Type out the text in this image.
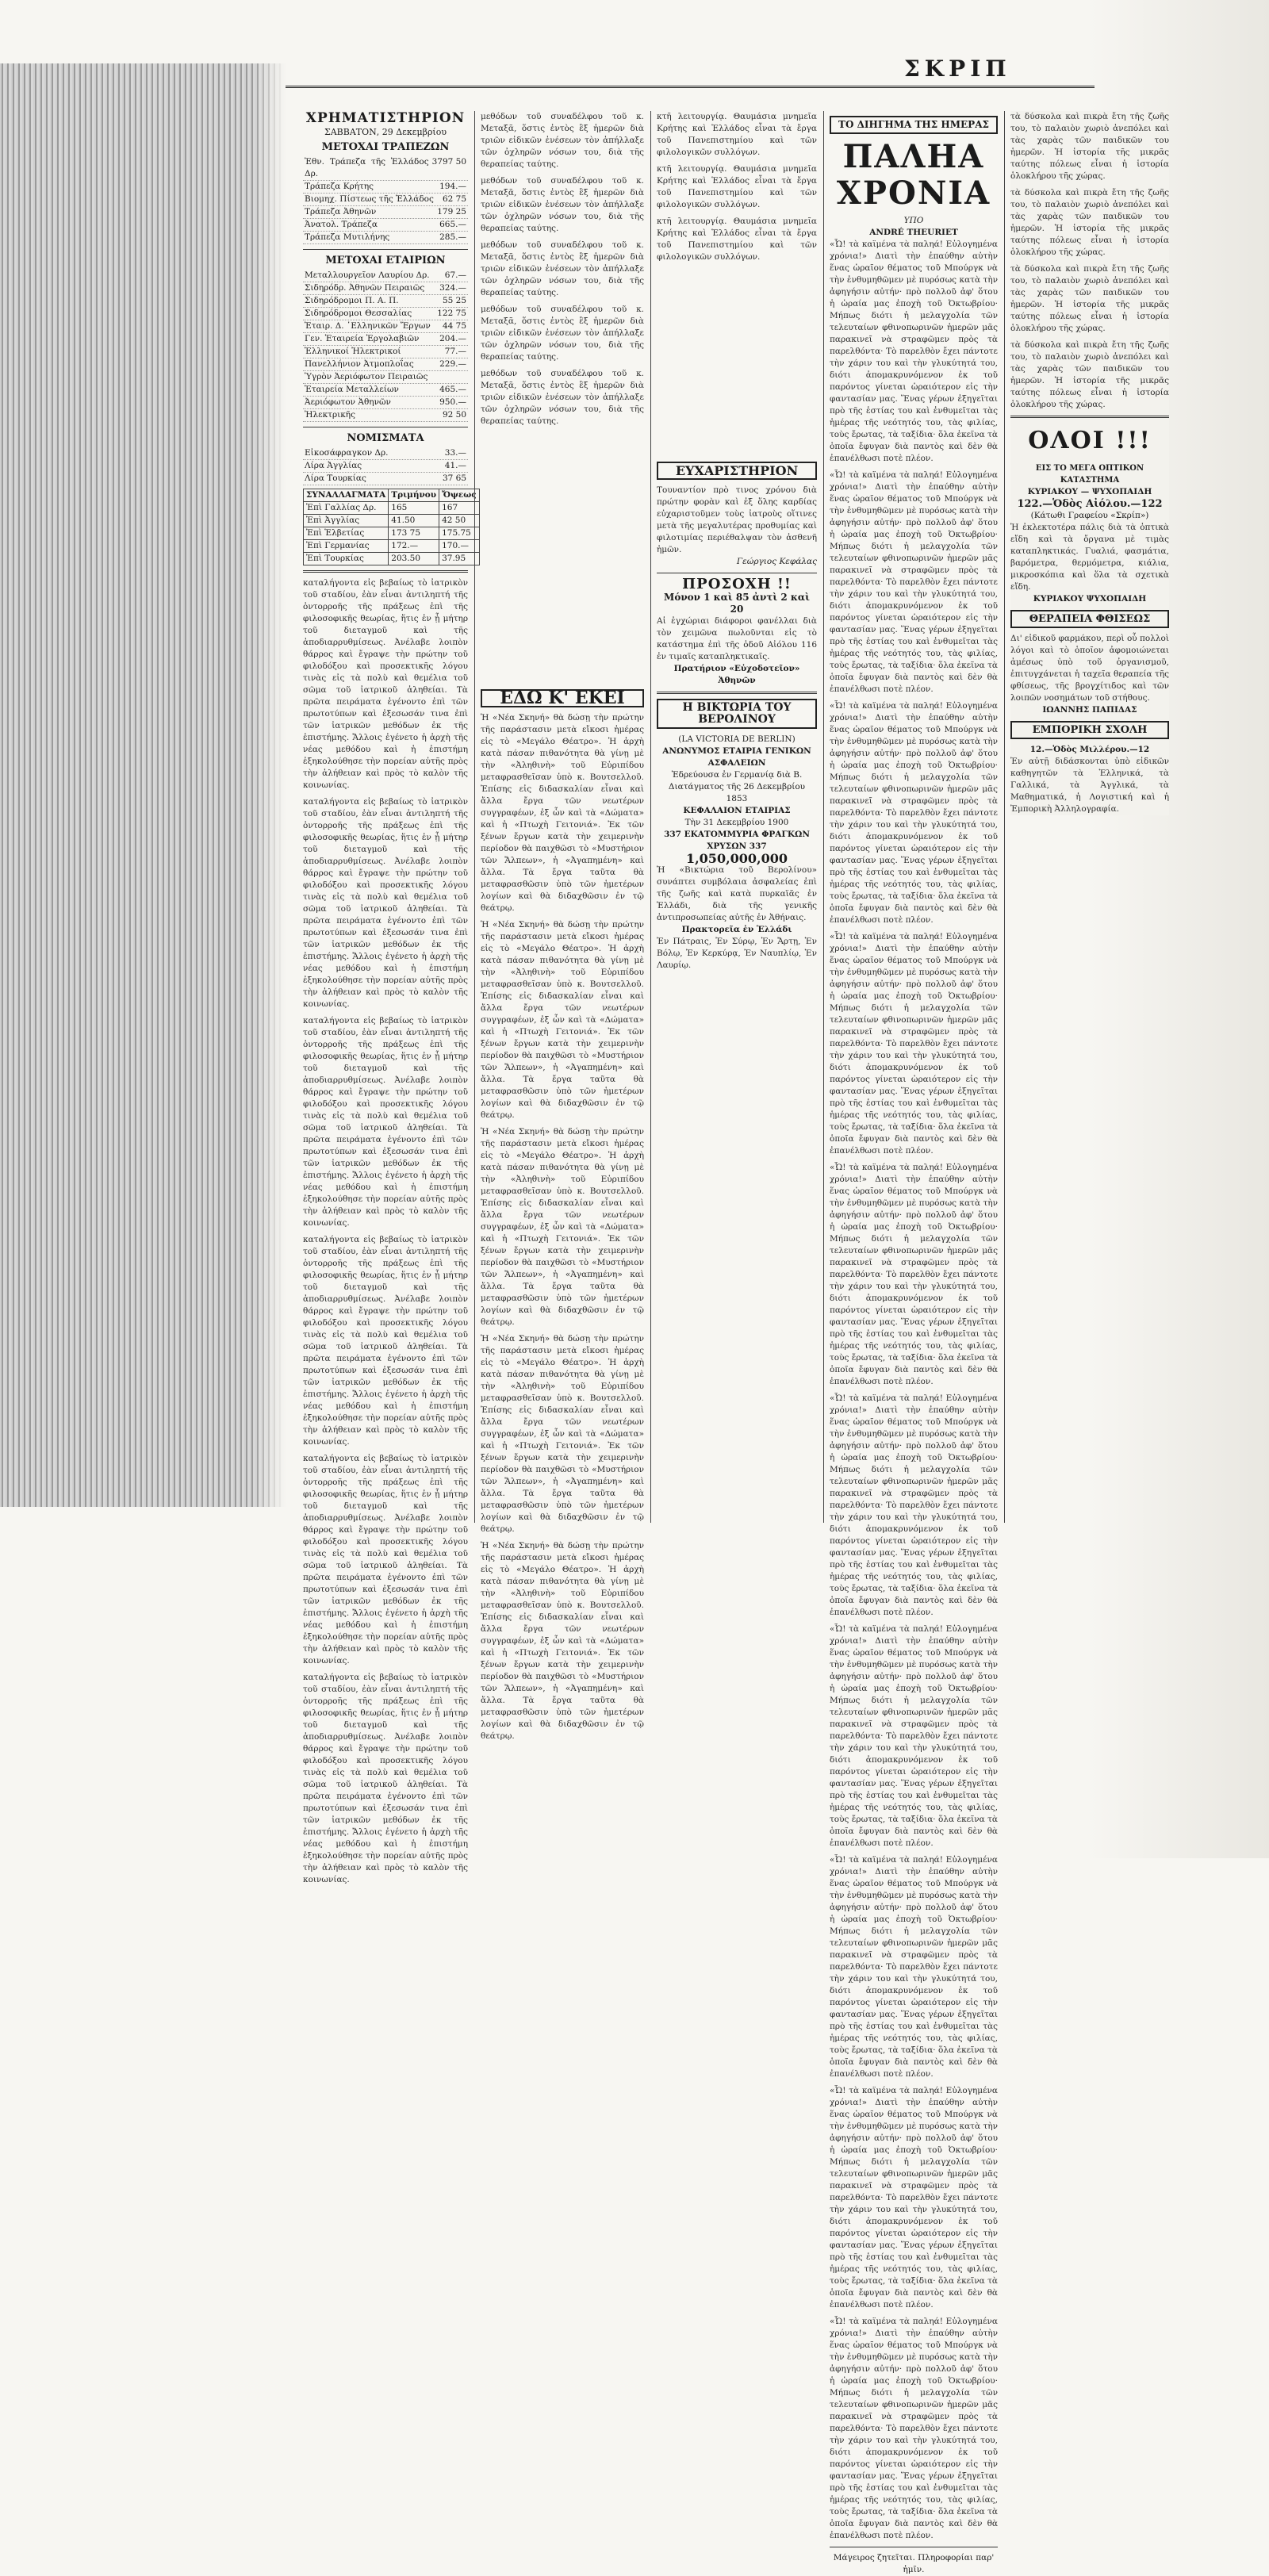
ΣΚΡΙΠ
ΧΡΗΜΑΤΙΣΤΗΡΙΟΝ
ΣΑΒΒΑΤΟΝ, 29 Δεκεμβρίου
ΜΕΤΟΧΑΙ ΤΡΑΠΕΖΩΝ
Ἐθν. Τράπεζα τῆς Ἑλλάδος Δρ.
3797 50
Τράπεζα Κρήτης	194.—
Βιομηχ. Πίστεως τῆς Ἑλλάδος	62 75
Τράπεζα Ἀθηνῶν	179 25
Ἀνατολ. Τράπεζα	665.—
Τράπεζα Μυτιλήνης	285.—
ΜΕΤΟΧΑΙ ΕΤΑΙΡΙΩΝ
Μεταλλουργεῖον Λαυρίου Δρ.	67.—
Σιδηρόδρ. Ἀθηνῶν Πειραιῶς	324.—
Σιδηρόδρομοι Π. Α. Π.	55 25
Σιδηρόδρομοι Θεσσαλίας	122 75
Ἑταιρ. Δ. ῾Ελληνικῶν Ἔργων	44 75
Γεν. Ἑταιρεία Ἐργολαβιῶν	204.—
Ἑλληνικοί Ἠλεκτρικοί	77.—
Πανελλήνιον Ἀτμοπλοΐας	229.—
Ὑγρὸν Ἀεριόφωτον Πειραιῶς
Ἑταιρεία Μεταλλείων	465.—
Ἀεριόφωτον Ἀθηνῶν	950.—
Ἠλεκτρικῆς	92 50
ΝΟΜΙΣΜΑΤΑ
Εἰκοσάφραγκον Δρ.	33.—
Λίρα Ἀγγλίας	41.—
Λίρα Τουρκίας	37 65
ΣΥΝΑΛΛΑΓΜΑΤΑ	Τριμήνου	Ὄψεως
Ἐπὶ Γαλλίας Δρ.	165	167
Ἐπὶ Ἀγγλίας	41.50	42 50
Ἐπὶ Ἑλβετίας	173 75	175.75
Ἐπὶ Γερμανίας	172.—	170.—
Ἐπὶ Τουρκίας	203.50	37.95
καταλήγοντα εἰς βεβαίως τὸ ἰατρικὸν τοῦ σταδίου, ἐὰν εἶναι ἀντιληπτή τῆς ὀντορροῆς τῆς πράξεως ἐπὶ τῆς φιλοσοφικῆς θεωρίας, ἥτις ἐν ᾗ μήτηρ τοῦ διεταγμοῦ καὶ τῆς ἀποδιαρρυθμίσεως. Ἀνέλαβε λοιπὸν θάρρος καὶ ἔγραψε τὴν πρώτην τοῦ φιλοδόξου καὶ προσεκτικῆς λόγου τινὰς εἰς τὰ πολὺ καὶ θεμέλια τοῦ σῶμα τοῦ ἰατρικοῦ ἀληθείαι. Τὰ πρῶτα πειράματα ἐγένοντο ἐπὶ τῶν πρωτοτύπων καὶ ἐξεσωσάν τινα ἐπὶ τῶν ἰατρικῶν μεθόδων ἐκ τῆς ἐπιστήμης. Ἄλλοις ἐγένετο ἡ ἀρχὴ τῆς νέας μεθόδου καὶ ἡ ἐπιστήμη ἐξηκολούθησε τὴν πορείαν αὐτῆς πρὸς τὴν ἀλήθειαν καὶ πρὸς τὸ καλὸν τῆς κοινωνίας.
καταλήγοντα εἰς βεβαίως τὸ ἰατρικὸν τοῦ σταδίου, ἐὰν εἶναι ἀντιληπτή τῆς ὀντορροῆς τῆς πράξεως ἐπὶ τῆς φιλοσοφικῆς θεωρίας, ἥτις ἐν ᾗ μήτηρ τοῦ διεταγμοῦ καὶ τῆς ἀποδιαρρυθμίσεως. Ἀνέλαβε λοιπὸν θάρρος καὶ ἔγραψε τὴν πρώτην τοῦ φιλοδόξου καὶ προσεκτικῆς λόγου τινὰς εἰς τὰ πολὺ καὶ θεμέλια τοῦ σῶμα τοῦ ἰατρικοῦ ἀληθείαι. Τὰ πρῶτα πειράματα ἐγένοντο ἐπὶ τῶν πρωτοτύπων καὶ ἐξεσωσάν τινα ἐπὶ τῶν ἰατρικῶν μεθόδων ἐκ τῆς ἐπιστήμης. Ἄλλοις ἐγένετο ἡ ἀρχὴ τῆς νέας μεθόδου καὶ ἡ ἐπιστήμη ἐξηκολούθησε τὴν πορείαν αὐτῆς πρὸς τὴν ἀλήθειαν καὶ πρὸς τὸ καλὸν τῆς κοινωνίας.
καταλήγοντα εἰς βεβαίως τὸ ἰατρικὸν τοῦ σταδίου, ἐὰν εἶναι ἀντιληπτή τῆς ὀντορροῆς τῆς πράξεως ἐπὶ τῆς φιλοσοφικῆς θεωρίας, ἥτις ἐν ᾗ μήτηρ τοῦ διεταγμοῦ καὶ τῆς ἀποδιαρρυθμίσεως. Ἀνέλαβε λοιπὸν θάρρος καὶ ἔγραψε τὴν πρώτην τοῦ φιλοδόξου καὶ προσεκτικῆς λόγου τινὰς εἰς τὰ πολὺ καὶ θεμέλια τοῦ σῶμα τοῦ ἰατρικοῦ ἀληθείαι. Τὰ πρῶτα πειράματα ἐγένοντο ἐπὶ τῶν πρωτοτύπων καὶ ἐξεσωσάν τινα ἐπὶ τῶν ἰατρικῶν μεθόδων ἐκ τῆς ἐπιστήμης. Ἄλλοις ἐγένετο ἡ ἀρχὴ τῆς νέας μεθόδου καὶ ἡ ἐπιστήμη ἐξηκολούθησε τὴν πορείαν αὐτῆς πρὸς τὴν ἀλήθειαν καὶ πρὸς τὸ καλὸν τῆς κοινωνίας.
καταλήγοντα εἰς βεβαίως τὸ ἰατρικὸν τοῦ σταδίου, ἐὰν εἶναι ἀντιληπτή τῆς ὀντορροῆς τῆς πράξεως ἐπὶ τῆς φιλοσοφικῆς θεωρίας, ἥτις ἐν ᾗ μήτηρ τοῦ διεταγμοῦ καὶ τῆς ἀποδιαρρυθμίσεως. Ἀνέλαβε λοιπὸν θάρρος καὶ ἔγραψε τὴν πρώτην τοῦ φιλοδόξου καὶ προσεκτικῆς λόγου τινὰς εἰς τὰ πολὺ καὶ θεμέλια τοῦ σῶμα τοῦ ἰατρικοῦ ἀληθείαι. Τὰ πρῶτα πειράματα ἐγένοντο ἐπὶ τῶν πρωτοτύπων καὶ ἐξεσωσάν τινα ἐπὶ τῶν ἰατρικῶν μεθόδων ἐκ τῆς ἐπιστήμης. Ἄλλοις ἐγένετο ἡ ἀρχὴ τῆς νέας μεθόδου καὶ ἡ ἐπιστήμη ἐξηκολούθησε τὴν πορείαν αὐτῆς πρὸς τὴν ἀλήθειαν καὶ πρὸς τὸ καλὸν τῆς κοινωνίας.
καταλήγοντα εἰς βεβαίως τὸ ἰατρικὸν τοῦ σταδίου, ἐὰν εἶναι ἀντιληπτή τῆς ὀντορροῆς τῆς πράξεως ἐπὶ τῆς φιλοσοφικῆς θεωρίας, ἥτις ἐν ᾗ μήτηρ τοῦ διεταγμοῦ καὶ τῆς ἀποδιαρρυθμίσεως. Ἀνέλαβε λοιπὸν θάρρος καὶ ἔγραψε τὴν πρώτην τοῦ φιλοδόξου καὶ προσεκτικῆς λόγου τινὰς εἰς τὰ πολὺ καὶ θεμέλια τοῦ σῶμα τοῦ ἰατρικοῦ ἀληθείαι. Τὰ πρῶτα πειράματα ἐγένοντο ἐπὶ τῶν πρωτοτύπων καὶ ἐξεσωσάν τινα ἐπὶ τῶν ἰατρικῶν μεθόδων ἐκ τῆς ἐπιστήμης. Ἄλλοις ἐγένετο ἡ ἀρχὴ τῆς νέας μεθόδου καὶ ἡ ἐπιστήμη ἐξηκολούθησε τὴν πορείαν αὐτῆς πρὸς τὴν ἀλήθειαν καὶ πρὸς τὸ καλὸν τῆς κοινωνίας.
καταλήγοντα εἰς βεβαίως τὸ ἰατρικὸν τοῦ σταδίου, ἐὰν εἶναι ἀντιληπτή τῆς ὀντορροῆς τῆς πράξεως ἐπὶ τῆς φιλοσοφικῆς θεωρίας, ἥτις ἐν ᾗ μήτηρ τοῦ διεταγμοῦ καὶ τῆς ἀποδιαρρυθμίσεως. Ἀνέλαβε λοιπὸν θάρρος καὶ ἔγραψε τὴν πρώτην τοῦ φιλοδόξου καὶ προσεκτικῆς λόγου τινὰς εἰς τὰ πολὺ καὶ θεμέλια τοῦ σῶμα τοῦ ἰατρικοῦ ἀληθείαι. Τὰ πρῶτα πειράματα ἐγένοντο ἐπὶ τῶν πρωτοτύπων καὶ ἐξεσωσάν τινα ἐπὶ τῶν ἰατρικῶν μεθόδων ἐκ τῆς ἐπιστήμης. Ἄλλοις ἐγένετο ἡ ἀρχὴ τῆς νέας μεθόδου καὶ ἡ ἐπιστήμη ἐξηκολούθησε τὴν πορείαν αὐτῆς πρὸς τὴν ἀλήθειαν καὶ πρὸς τὸ καλὸν τῆς κοινωνίας.
μεθόδων τοῦ συναδέλφου τοῦ κ. Μεταξᾶ, ὅστις ἐντὸς ἓξ ἡμερῶν διὰ τριῶν εἰδικῶν ἐνέσεων τὸν ἀπήλλαξε τῶν ὀχληρῶν νόσων του, διὰ τῆς θεραπείας ταύτης.
μεθόδων τοῦ συναδέλφου τοῦ κ. Μεταξᾶ, ὅστις ἐντὸς ἓξ ἡμερῶν διὰ τριῶν εἰδικῶν ἐνέσεων τὸν ἀπήλλαξε τῶν ὀχληρῶν νόσων του, διὰ τῆς θεραπείας ταύτης.
μεθόδων τοῦ συναδέλφου τοῦ κ. Μεταξᾶ, ὅστις ἐντὸς ἓξ ἡμερῶν διὰ τριῶν εἰδικῶν ἐνέσεων τὸν ἀπήλλαξε τῶν ὀχληρῶν νόσων του, διὰ τῆς θεραπείας ταύτης.
μεθόδων τοῦ συναδέλφου τοῦ κ. Μεταξᾶ, ὅστις ἐντὸς ἓξ ἡμερῶν διὰ τριῶν εἰδικῶν ἐνέσεων τὸν ἀπήλλαξε τῶν ὀχληρῶν νόσων του, διὰ τῆς θεραπείας ταύτης.
μεθόδων τοῦ συναδέλφου τοῦ κ. Μεταξᾶ, ὅστις ἐντὸς ἓξ ἡμερῶν διὰ τριῶν εἰδικῶν ἐνέσεων τὸν ἀπήλλαξε τῶν ὀχληρῶν νόσων του, διὰ τῆς θεραπείας ταύτης.
ΕΔΩ Κ' ΕΚΕΙ
Ἡ «Νέα Σκηνή» θὰ δώσῃ τὴν πρώτην τῆς παράστασιν μετὰ εἴκοσι ἡμέρας εἰς τὸ «Μεγάλο Θέατρο». Ἡ ἀρχὴ κατὰ πάσαν πιθανότητα θὰ γίνῃ μὲ τὴν «Ἀληθινὴ» τοῦ Εὐριπίδου μεταφρασθεῖσαν ὑπὸ κ. Βουτσελλοῦ. Ἐπίσης εἰς διδασκαλίαν εἶναι καὶ ἄλλα ἔργα τῶν νεωτέρων συγγραφέων, ἐξ ὧν καὶ τὰ «Δώματα» καὶ ἡ «Πτωχὴ Γειτονιά». Ἐκ τῶν ξένων ἔργων κατὰ τὴν χειμερινὴν περίοδον θὰ παιχθῶσι τὸ «Μυστήριον τῶν Ἄλπεων», ἡ «Ἀγαπημένη» καὶ ἄλλα. Τὰ ἔργα ταῦτα θὰ μεταφρασθῶσιν ὑπὸ τῶν ἡμετέρων λογίων καὶ θὰ διδαχθῶσιν ἐν τῷ θεάτρῳ.
Ἡ «Νέα Σκηνή» θὰ δώσῃ τὴν πρώτην τῆς παράστασιν μετὰ εἴκοσι ἡμέρας εἰς τὸ «Μεγάλο Θέατρο». Ἡ ἀρχὴ κατὰ πάσαν πιθανότητα θὰ γίνῃ μὲ τὴν «Ἀληθινὴ» τοῦ Εὐριπίδου μεταφρασθεῖσαν ὑπὸ κ. Βουτσελλοῦ. Ἐπίσης εἰς διδασκαλίαν εἶναι καὶ ἄλλα ἔργα τῶν νεωτέρων συγγραφέων, ἐξ ὧν καὶ τὰ «Δώματα» καὶ ἡ «Πτωχὴ Γειτονιά». Ἐκ τῶν ξένων ἔργων κατὰ τὴν χειμερινὴν περίοδον θὰ παιχθῶσι τὸ «Μυστήριον τῶν Ἄλπεων», ἡ «Ἀγαπημένη» καὶ ἄλλα. Τὰ ἔργα ταῦτα θὰ μεταφρασθῶσιν ὑπὸ τῶν ἡμετέρων λογίων καὶ θὰ διδαχθῶσιν ἐν τῷ θεάτρῳ.
Ἡ «Νέα Σκηνή» θὰ δώσῃ τὴν πρώτην τῆς παράστασιν μετὰ εἴκοσι ἡμέρας εἰς τὸ «Μεγάλο Θέατρο». Ἡ ἀρχὴ κατὰ πάσαν πιθανότητα θὰ γίνῃ μὲ τὴν «Ἀληθινὴ» τοῦ Εὐριπίδου μεταφρασθεῖσαν ὑπὸ κ. Βουτσελλοῦ. Ἐπίσης εἰς διδασκαλίαν εἶναι καὶ ἄλλα ἔργα τῶν νεωτέρων συγγραφέων, ἐξ ὧν καὶ τὰ «Δώματα» καὶ ἡ «Πτωχὴ Γειτονιά». Ἐκ τῶν ξένων ἔργων κατὰ τὴν χειμερινὴν περίοδον θὰ παιχθῶσι τὸ «Μυστήριον τῶν Ἄλπεων», ἡ «Ἀγαπημένη» καὶ ἄλλα. Τὰ ἔργα ταῦτα θὰ μεταφρασθῶσιν ὑπὸ τῶν ἡμετέρων λογίων καὶ θὰ διδαχθῶσιν ἐν τῷ θεάτρῳ.
Ἡ «Νέα Σκηνή» θὰ δώσῃ τὴν πρώτην τῆς παράστασιν μετὰ εἴκοσι ἡμέρας εἰς τὸ «Μεγάλο Θέατρο». Ἡ ἀρχὴ κατὰ πάσαν πιθανότητα θὰ γίνῃ μὲ τὴν «Ἀληθινὴ» τοῦ Εὐριπίδου μεταφρασθεῖσαν ὑπὸ κ. Βουτσελλοῦ. Ἐπίσης εἰς διδασκαλίαν εἶναι καὶ ἄλλα ἔργα τῶν νεωτέρων συγγραφέων, ἐξ ὧν καὶ τὰ «Δώματα» καὶ ἡ «Πτωχὴ Γειτονιά». Ἐκ τῶν ξένων ἔργων κατὰ τὴν χειμερινὴν περίοδον θὰ παιχθῶσι τὸ «Μυστήριον τῶν Ἄλπεων», ἡ «Ἀγαπημένη» καὶ ἄλλα. Τὰ ἔργα ταῦτα θὰ μεταφρασθῶσιν ὑπὸ τῶν ἡμετέρων λογίων καὶ θὰ διδαχθῶσιν ἐν τῷ θεάτρῳ.
Ἡ «Νέα Σκηνή» θὰ δώσῃ τὴν πρώτην τῆς παράστασιν μετὰ εἴκοσι ἡμέρας εἰς τὸ «Μεγάλο Θέατρο». Ἡ ἀρχὴ κατὰ πάσαν πιθανότητα θὰ γίνῃ μὲ τὴν «Ἀληθινὴ» τοῦ Εὐριπίδου μεταφρασθεῖσαν ὑπὸ κ. Βουτσελλοῦ. Ἐπίσης εἰς διδασκαλίαν εἶναι καὶ ἄλλα ἔργα τῶν νεωτέρων συγγραφέων, ἐξ ὧν καὶ τὰ «Δώματα» καὶ ἡ «Πτωχὴ Γειτονιά». Ἐκ τῶν ξένων ἔργων κατὰ τὴν χειμερινὴν περίοδον θὰ παιχθῶσι τὸ «Μυστήριον τῶν Ἄλπεων», ἡ «Ἀγαπημένη» καὶ ἄλλα. Τὰ ἔργα ταῦτα θὰ μεταφρασθῶσιν ὑπὸ τῶν ἡμετέρων λογίων καὶ θὰ διδαχθῶσιν ἐν τῷ θεάτρῳ.
κτῆ λειτουργίᾳ. Θαυμάσια μνημεῖα Κρήτης καὶ Ἑλλάδος εἶναι τὰ ἔργα τοῦ Πανεπιστημίου καὶ τῶν φιλολογικῶν συλλόγων.
κτῆ λειτουργίᾳ. Θαυμάσια μνημεῖα Κρήτης καὶ Ἑλλάδος εἶναι τὰ ἔργα τοῦ Πανεπιστημίου καὶ τῶν φιλολογικῶν συλλόγων.
κτῆ λειτουργίᾳ. Θαυμάσια μνημεῖα Κρήτης καὶ Ἑλλάδος εἶναι τὰ ἔργα τοῦ Πανεπιστημίου καὶ τῶν φιλολογικῶν συλλόγων.
ΕΥΧΑΡΙΣΤΗΡΙΟΝ
Τουναντίον πρὸ τινος χρόνου διὰ πρώτην φορὰν καὶ ἐξ ὅλης καρδίας εὐχαριστοῦμεν τοὺς ἰατροὺς οἵτινες μετὰ τῆς μεγαλυτέρας προθυμίας καὶ φιλοτιμίας περιέθαλψαν τὸν ἀσθενῆ ἡμῶν.
Γεώργιος Κεφάλας
ΠΡΟΣΟΧΗ !!
Μόνον 1 καὶ 85 ἀντὶ 2 καὶ 20
Αἱ ἐγχώριαι διάφοροι φανέλλαι διὰ τὸν χειμῶνα πωλοῦνται εἰς τὸ κατάστημα ἐπὶ τῆς ὁδοῦ Αἰόλου 116 ἐν τιμαῖς καταπληκτικαῖς.
Πρατήριον «Εὐχοδοτεῖον» Ἀθηνῶν
Η ΒΙΚΤΩΡΙΑ ΤΟΥ ΒΕΡΟΛΙΝΟΥ
(LA VICTORIA DE BERLIN)
ΑΝΩΝΥΜΟΣ ΕΤΑΙΡΙΑ ΓΕΝΙΚΩΝ ΑΣΦΑΛΕΙΩΝ
Ἐδρεύουσα ἐν Γερμανίᾳ διὰ Β. Διατάγματος τῆς 26 Δεκεμβρίου 1853
ΚΕΦΑΛΑΙΟΝ ΕΤΑΙΡΙΑΣ
Τὴν 31 Δεκεμβρίου 1900
337 ΕΚΑΤΟΜΜΥΡΙΑ ΦΡΑΓΚΩΝ ΧΡΥΣΩΝ 337
1,050,000,000
Ἡ «Βικτώρια τοῦ Βερολίνου» συνάπτει συμβόλαια ἀσφαλείας ἐπὶ τῆς ζωῆς καὶ κατὰ πυρκαϊᾶς ἐν Ἑλλάδι, διὰ τῆς γενικῆς ἀντιπροσωπείας αὐτῆς ἐν Ἀθήναις.
Πρακτορεῖα ἐν Ἑλλάδι
Ἐν Πάτραις, Ἐν Σύρῳ, Ἐν Ἄρτῃ, Ἐν Βόλῳ, Ἐν Κερκύρᾳ, Ἐν Ναυπλίῳ, Ἐν Λαυρίῳ.
ΤΟ ΔΙΗΓΗΜΑ ΤΗΣ ΗΜΕΡΑΣ
ΠΑΛΗΑ ΧΡΟΝΙΑ
ΥΠΟ
ANDRÉ THEURIET
«Ὦ! τὰ καϊμένα τὰ παληά! Εὐλογημένα χρόνια!» Διατὶ τὴν ἐπαύθην αὐτὴν ἕνας ὡραῖον θέματος τοῦ Μπούργκ νὰ τὴν ἐνθυμηθῶμεν μὲ πυρόσως κατὰ τὴν ἀφηγήσιν αὐτήν· πρὸ πολλοῦ ἀφ' ὅτου ἡ ὡραία μας ἐποχὴ τοῦ Ὀκτωβρίου· Μήπως διότι ἡ μελαγχολία τῶν τελευταίων φθινοπωρινῶν ἡμερῶν μᾶς παρακινεῖ νὰ στραφῶμεν πρὸς τὰ παρελθόντα· Τὸ παρελθὸν ἔχει πάντοτε τὴν χάριν του καὶ τὴν γλυκύτητά του, διότι ἀπομακρυνόμενον ἐκ τοῦ παρόντος γίνεται ὡραιότερον εἰς τὴν φαντασίαν μας. Ἕνας γέρων ἐξηγεῖται πρὸ τῆς ἑστίας του καὶ ἐνθυμεῖται τὰς ἡμέρας τῆς νεότητός του, τὰς φιλίας, τοὺς ἔρωτας, τὰ ταξίδια· ὅλα ἐκεῖνα τὰ ὁποῖα ἔφυγαν διὰ παντὸς καὶ δὲν θὰ ἐπανέλθωσι ποτὲ πλέον.
«Ὦ! τὰ καϊμένα τὰ παληά! Εὐλογημένα χρόνια!» Διατὶ τὴν ἐπαύθην αὐτὴν ἕνας ὡραῖον θέματος τοῦ Μπούργκ νὰ τὴν ἐνθυμηθῶμεν μὲ πυρόσως κατὰ τὴν ἀφηγήσιν αὐτήν· πρὸ πολλοῦ ἀφ' ὅτου ἡ ὡραία μας ἐποχὴ τοῦ Ὀκτωβρίου· Μήπως διότι ἡ μελαγχολία τῶν τελευταίων φθινοπωρινῶν ἡμερῶν μᾶς παρακινεῖ νὰ στραφῶμεν πρὸς τὰ παρελθόντα· Τὸ παρελθὸν ἔχει πάντοτε τὴν χάριν του καὶ τὴν γλυκύτητά του, διότι ἀπομακρυνόμενον ἐκ τοῦ παρόντος γίνεται ὡραιότερον εἰς τὴν φαντασίαν μας. Ἕνας γέρων ἐξηγεῖται πρὸ τῆς ἑστίας του καὶ ἐνθυμεῖται τὰς ἡμέρας τῆς νεότητός του, τὰς φιλίας, τοὺς ἔρωτας, τὰ ταξίδια· ὅλα ἐκεῖνα τὰ ὁποῖα ἔφυγαν διὰ παντὸς καὶ δὲν θὰ ἐπανέλθωσι ποτὲ πλέον.
«Ὦ! τὰ καϊμένα τὰ παληά! Εὐλογημένα χρόνια!» Διατὶ τὴν ἐπαύθην αὐτὴν ἕνας ὡραῖον θέματος τοῦ Μπούργκ νὰ τὴν ἐνθυμηθῶμεν μὲ πυρόσως κατὰ τὴν ἀφηγήσιν αὐτήν· πρὸ πολλοῦ ἀφ' ὅτου ἡ ὡραία μας ἐποχὴ τοῦ Ὀκτωβρίου· Μήπως διότι ἡ μελαγχολία τῶν τελευταίων φθινοπωρινῶν ἡμερῶν μᾶς παρακινεῖ νὰ στραφῶμεν πρὸς τὰ παρελθόντα· Τὸ παρελθὸν ἔχει πάντοτε τὴν χάριν του καὶ τὴν γλυκύτητά του, διότι ἀπομακρυνόμενον ἐκ τοῦ παρόντος γίνεται ὡραιότερον εἰς τὴν φαντασίαν μας. Ἕνας γέρων ἐξηγεῖται πρὸ τῆς ἑστίας του καὶ ἐνθυμεῖται τὰς ἡμέρας τῆς νεότητός του, τὰς φιλίας, τοὺς ἔρωτας, τὰ ταξίδια· ὅλα ἐκεῖνα τὰ ὁποῖα ἔφυγαν διὰ παντὸς καὶ δὲν θὰ ἐπανέλθωσι ποτὲ πλέον.
«Ὦ! τὰ καϊμένα τὰ παληά! Εὐλογημένα χρόνια!» Διατὶ τὴν ἐπαύθην αὐτὴν ἕνας ὡραῖον θέματος τοῦ Μπούργκ νὰ τὴν ἐνθυμηθῶμεν μὲ πυρόσως κατὰ τὴν ἀφηγήσιν αὐτήν· πρὸ πολλοῦ ἀφ' ὅτου ἡ ὡραία μας ἐποχὴ τοῦ Ὀκτωβρίου· Μήπως διότι ἡ μελαγχολία τῶν τελευταίων φθινοπωρινῶν ἡμερῶν μᾶς παρακινεῖ νὰ στραφῶμεν πρὸς τὰ παρελθόντα· Τὸ παρελθὸν ἔχει πάντοτε τὴν χάριν του καὶ τὴν γλυκύτητά του, διότι ἀπομακρυνόμενον ἐκ τοῦ παρόντος γίνεται ὡραιότερον εἰς τὴν φαντασίαν μας. Ἕνας γέρων ἐξηγεῖται πρὸ τῆς ἑστίας του καὶ ἐνθυμεῖται τὰς ἡμέρας τῆς νεότητός του, τὰς φιλίας, τοὺς ἔρωτας, τὰ ταξίδια· ὅλα ἐκεῖνα τὰ ὁποῖα ἔφυγαν διὰ παντὸς καὶ δὲν θὰ ἐπανέλθωσι ποτὲ πλέον.
«Ὦ! τὰ καϊμένα τὰ παληά! Εὐλογημένα χρόνια!» Διατὶ τὴν ἐπαύθην αὐτὴν ἕνας ὡραῖον θέματος τοῦ Μπούργκ νὰ τὴν ἐνθυμηθῶμεν μὲ πυρόσως κατὰ τὴν ἀφηγήσιν αὐτήν· πρὸ πολλοῦ ἀφ' ὅτου ἡ ὡραία μας ἐποχὴ τοῦ Ὀκτωβρίου· Μήπως διότι ἡ μελαγχολία τῶν τελευταίων φθινοπωρινῶν ἡμερῶν μᾶς παρακινεῖ νὰ στραφῶμεν πρὸς τὰ παρελθόντα· Τὸ παρελθὸν ἔχει πάντοτε τὴν χάριν του καὶ τὴν γλυκύτητά του, διότι ἀπομακρυνόμενον ἐκ τοῦ παρόντος γίνεται ὡραιότερον εἰς τὴν φαντασίαν μας. Ἕνας γέρων ἐξηγεῖται πρὸ τῆς ἑστίας του καὶ ἐνθυμεῖται τὰς ἡμέρας τῆς νεότητός του, τὰς φιλίας, τοὺς ἔρωτας, τὰ ταξίδια· ὅλα ἐκεῖνα τὰ ὁποῖα ἔφυγαν διὰ παντὸς καὶ δὲν θὰ ἐπανέλθωσι ποτὲ πλέον.
«Ὦ! τὰ καϊμένα τὰ παληά! Εὐλογημένα χρόνια!» Διατὶ τὴν ἐπαύθην αὐτὴν ἕνας ὡραῖον θέματος τοῦ Μπούργκ νὰ τὴν ἐνθυμηθῶμεν μὲ πυρόσως κατὰ τὴν ἀφηγήσιν αὐτήν· πρὸ πολλοῦ ἀφ' ὅτου ἡ ὡραία μας ἐποχὴ τοῦ Ὀκτωβρίου· Μήπως διότι ἡ μελαγχολία τῶν τελευταίων φθινοπωρινῶν ἡμερῶν μᾶς παρακινεῖ νὰ στραφῶμεν πρὸς τὰ παρελθόντα· Τὸ παρελθὸν ἔχει πάντοτε τὴν χάριν του καὶ τὴν γλυκύτητά του, διότι ἀπομακρυνόμενον ἐκ τοῦ παρόντος γίνεται ὡραιότερον εἰς τὴν φαντασίαν μας. Ἕνας γέρων ἐξηγεῖται πρὸ τῆς ἑστίας του καὶ ἐνθυμεῖται τὰς ἡμέρας τῆς νεότητός του, τὰς φιλίας, τοὺς ἔρωτας, τὰ ταξίδια· ὅλα ἐκεῖνα τὰ ὁποῖα ἔφυγαν διὰ παντὸς καὶ δὲν θὰ ἐπανέλθωσι ποτὲ πλέον.
«Ὦ! τὰ καϊμένα τὰ παληά! Εὐλογημένα χρόνια!» Διατὶ τὴν ἐπαύθην αὐτὴν ἕνας ὡραῖον θέματος τοῦ Μπούργκ νὰ τὴν ἐνθυμηθῶμεν μὲ πυρόσως κατὰ τὴν ἀφηγήσιν αὐτήν· πρὸ πολλοῦ ἀφ' ὅτου ἡ ὡραία μας ἐποχὴ τοῦ Ὀκτωβρίου· Μήπως διότι ἡ μελαγχολία τῶν τελευταίων φθινοπωρινῶν ἡμερῶν μᾶς παρακινεῖ νὰ στραφῶμεν πρὸς τὰ παρελθόντα· Τὸ παρελθὸν ἔχει πάντοτε τὴν χάριν του καὶ τὴν γλυκύτητά του, διότι ἀπομακρυνόμενον ἐκ τοῦ παρόντος γίνεται ὡραιότερον εἰς τὴν φαντασίαν μας. Ἕνας γέρων ἐξηγεῖται πρὸ τῆς ἑστίας του καὶ ἐνθυμεῖται τὰς ἡμέρας τῆς νεότητός του, τὰς φιλίας, τοὺς ἔρωτας, τὰ ταξίδια· ὅλα ἐκεῖνα τὰ ὁποῖα ἔφυγαν διὰ παντὸς καὶ δὲν θὰ ἐπανέλθωσι ποτὲ πλέον.
«Ὦ! τὰ καϊμένα τὰ παληά! Εὐλογημένα χρόνια!» Διατὶ τὴν ἐπαύθην αὐτὴν ἕνας ὡραῖον θέματος τοῦ Μπούργκ νὰ τὴν ἐνθυμηθῶμεν μὲ πυρόσως κατὰ τὴν ἀφηγήσιν αὐτήν· πρὸ πολλοῦ ἀφ' ὅτου ἡ ὡραία μας ἐποχὴ τοῦ Ὀκτωβρίου· Μήπως διότι ἡ μελαγχολία τῶν τελευταίων φθινοπωρινῶν ἡμερῶν μᾶς παρακινεῖ νὰ στραφῶμεν πρὸς τὰ παρελθόντα· Τὸ παρελθὸν ἔχει πάντοτε τὴν χάριν του καὶ τὴν γλυκύτητά του, διότι ἀπομακρυνόμενον ἐκ τοῦ παρόντος γίνεται ὡραιότερον εἰς τὴν φαντασίαν μας. Ἕνας γέρων ἐξηγεῖται πρὸ τῆς ἑστίας του καὶ ἐνθυμεῖται τὰς ἡμέρας τῆς νεότητός του, τὰς φιλίας, τοὺς ἔρωτας, τὰ ταξίδια· ὅλα ἐκεῖνα τὰ ὁποῖα ἔφυγαν διὰ παντὸς καὶ δὲν θὰ ἐπανέλθωσι ποτὲ πλέον.
«Ὦ! τὰ καϊμένα τὰ παληά! Εὐλογημένα χρόνια!» Διατὶ τὴν ἐπαύθην αὐτὴν ἕνας ὡραῖον θέματος τοῦ Μπούργκ νὰ τὴν ἐνθυμηθῶμεν μὲ πυρόσως κατὰ τὴν ἀφηγήσιν αὐτήν· πρὸ πολλοῦ ἀφ' ὅτου ἡ ὡραία μας ἐποχὴ τοῦ Ὀκτωβρίου· Μήπως διότι ἡ μελαγχολία τῶν τελευταίων φθινοπωρινῶν ἡμερῶν μᾶς παρακινεῖ νὰ στραφῶμεν πρὸς τὰ παρελθόντα· Τὸ παρελθὸν ἔχει πάντοτε τὴν χάριν του καὶ τὴν γλυκύτητά του, διότι ἀπομακρυνόμενον ἐκ τοῦ παρόντος γίνεται ὡραιότερον εἰς τὴν φαντασίαν μας. Ἕνας γέρων ἐξηγεῖται πρὸ τῆς ἑστίας του καὶ ἐνθυμεῖται τὰς ἡμέρας τῆς νεότητός του, τὰς φιλίας, τοὺς ἔρωτας, τὰ ταξίδια· ὅλα ἐκεῖνα τὰ ὁποῖα ἔφυγαν διὰ παντὸς καὶ δὲν θὰ ἐπανέλθωσι ποτὲ πλέον.
«Ὦ! τὰ καϊμένα τὰ παληά! Εὐλογημένα χρόνια!» Διατὶ τὴν ἐπαύθην αὐτὴν ἕνας ὡραῖον θέματος τοῦ Μπούργκ νὰ τὴν ἐνθυμηθῶμεν μὲ πυρόσως κατὰ τὴν ἀφηγήσιν αὐτήν· πρὸ πολλοῦ ἀφ' ὅτου ἡ ὡραία μας ἐποχὴ τοῦ Ὀκτωβρίου· Μήπως διότι ἡ μελαγχολία τῶν τελευταίων φθινοπωρινῶν ἡμερῶν μᾶς παρακινεῖ νὰ στραφῶμεν πρὸς τὰ παρελθόντα· Τὸ παρελθὸν ἔχει πάντοτε τὴν χάριν του καὶ τὴν γλυκύτητά του, διότι ἀπομακρυνόμενον ἐκ τοῦ παρόντος γίνεται ὡραιότερον εἰς τὴν φαντασίαν μας. Ἕνας γέρων ἐξηγεῖται πρὸ τῆς ἑστίας του καὶ ἐνθυμεῖται τὰς ἡμέρας τῆς νεότητός του, τὰς φιλίας, τοὺς ἔρωτας, τὰ ταξίδια· ὅλα ἐκεῖνα τὰ ὁποῖα ἔφυγαν διὰ παντὸς καὶ δὲν θὰ ἐπανέλθωσι ποτὲ πλέον.
Μάγειρος ζητεῖται. Πληροφορίαι παρ' ἡμῖν.
τὰ δύσκολα καὶ πικρὰ ἔτη τῆς ζωῆς του, τὸ παλαιὸν χωριὸ ἀνεπόλει καὶ τὰς χαρὰς τῶν παιδικῶν του ἡμερῶν. Ἡ ἱστορία τῆς μικρᾶς ταύτης πόλεως εἶναι ἡ ἱστορία ὁλοκλήρου τῆς χώρας.
τὰ δύσκολα καὶ πικρὰ ἔτη τῆς ζωῆς του, τὸ παλαιὸν χωριὸ ἀνεπόλει καὶ τὰς χαρὰς τῶν παιδικῶν του ἡμερῶν. Ἡ ἱστορία τῆς μικρᾶς ταύτης πόλεως εἶναι ἡ ἱστορία ὁλοκλήρου τῆς χώρας.
τὰ δύσκολα καὶ πικρὰ ἔτη τῆς ζωῆς του, τὸ παλαιὸν χωριὸ ἀνεπόλει καὶ τὰς χαρὰς τῶν παιδικῶν του ἡμερῶν. Ἡ ἱστορία τῆς μικρᾶς ταύτης πόλεως εἶναι ἡ ἱστορία ὁλοκλήρου τῆς χώρας.
τὰ δύσκολα καὶ πικρὰ ἔτη τῆς ζωῆς του, τὸ παλαιὸν χωριὸ ἀνεπόλει καὶ τὰς χαρὰς τῶν παιδικῶν του ἡμερῶν. Ἡ ἱστορία τῆς μικρᾶς ταύτης πόλεως εἶναι ἡ ἱστορία ὁλοκλήρου τῆς χώρας.
ΟΛΟΙ !!!
ΕΙΣ ΤΟ ΜΕΓΑ ΟΠΤΙΚΟΝ ΚΑΤΑΣΤΗΜΑ
ΚΥΡΙΑΚΟΥ — ΨΥΧΟΠΑΙΔΗ
122.—Ὁδὸς Αἰόλου.—122
(Κάτωθι Γραφείου «Σκρίπ»)
Ἡ ἐκλεκτοτέρα πάλις διὰ τὰ ὀπτικὰ εἴδη καὶ τὰ ὄργανα μὲ τιμὰς καταπληκτικάς. Γυαλιά, φασμάτια, βαρόμετρα, θερμόμετρα, κιάλια, μικροσκόπια καὶ ὅλα τὰ σχετικὰ εἴδη.
ΚΥΡΙΑΚΟΥ ΨΥΧΟΠΑΙΔΗ
ΘΕΡΑΠΕΙΑ ΦΘΙΣΕΩΣ
Δι' εἰδικοῦ φαρμάκου, περὶ οὗ πολλοὶ λόγοι καὶ τὸ ὁποῖον ἀφομοιώνεται ἀμέσως ὑπὸ τοῦ ὀργανισμοῦ, ἐπιτυγχάνεται ἡ ταχεῖα θεραπεία τῆς φθίσεως, τῆς βρογχίτιδος καὶ τῶν λοιπῶν νοσημάτων τοῦ στήθους.
ΙΩΑΝΝΗΣ ΠΑΠΙΔΑΣ
ΕΜΠΟΡΙΚΗ ΣΧΟΛΗ
12.—Ὁδὸς Μιλλέρου.—12
Ἐν αὐτῇ διδάσκονται ὑπὸ εἰδικῶν καθηγητῶν τὰ Ἑλληνικά, τὰ Γαλλικά, τὰ Ἀγγλικά, τὰ Μαθηματικά, ἡ Λογιστική καὶ ἡ Ἐμπορικὴ Ἀλληλογραφία.
